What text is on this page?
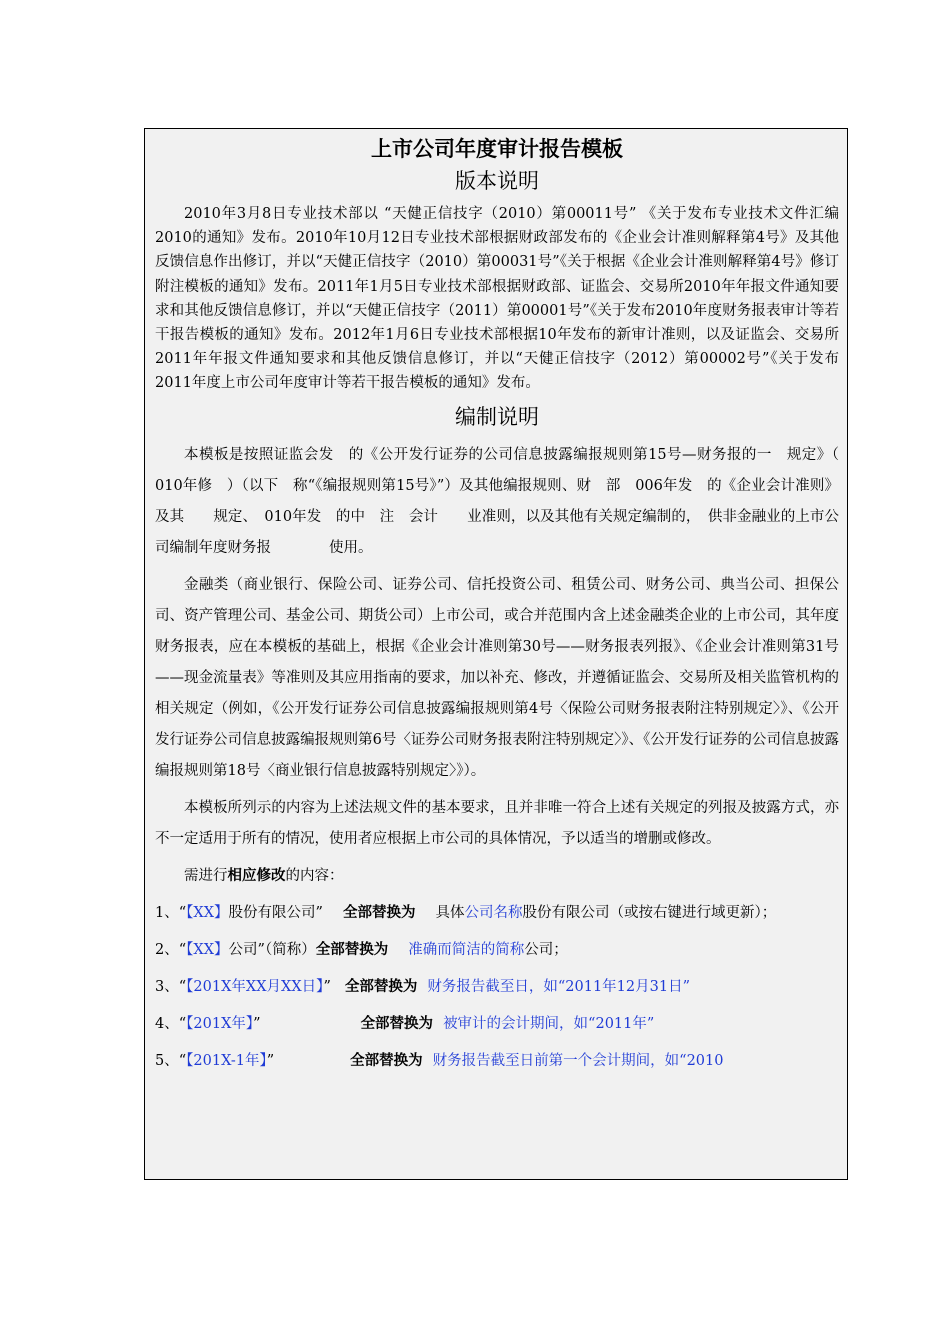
上市公司年度审计报告模板
版本说明

2010年3月8日专业技术部以 “天健正信技字（2010）第00011号” 《关于发布专业技术文件汇编2010的通知》发布。2010年10月12日专业技术部根据财政部发布的《企业会计准则解释第4号》及其他反馈信息作出修订，并以“天健正信技字（2010）第00031号”《关于根据《企业会计准则解释第4号》修订附注模板的通知》发布。2011年1月5日专业技术部根据财政部、证监会、交易所2010年年报文件通知要求和其他反馈信息修订，并以“天健正信技字（2011）第00001号”《关于发布2010年度财务报表审计等若干报告模板的通知》发布。2012年1月6日专业技术部根据10年发布的新审计准则，以及证监会、交易所2011年年报文件通知要求和其他反馈信息修订，并以“天健正信技字（2012）第00002号”《关于发布2011年度上市公司年度审计等若干报告模板的通知》发布。

编制说明

本模板是按照证监会发　的《公开发行证券的公司信息披露编报规则第15号—财务报的一　规定》（　010年修　）（以下　称“《编报规则第15号》”）及其他编报规则、财　部　006年发　的《企业会计准则》及其　　规定、　010年发　的中　注　会计　　业准则，以及其他有关规定编制的，　供非金融业的上市公司编制年度财务报　　　　使用。

金融类（商业银行、保险公司、证券公司、信托投资公司、租赁公司、财务公司、典当公司、担保公司、资产管理公司、基金公司、期货公司）上市公司，或合并范围内含上述金融类企业的上市公司，其年度财务报表，应在本模板的基础上，根据《企业会计准则第30号——财务报表列报》、《企业会计准则第31号——现金流量表》等准则及其应用指南的要求，加以补充、修改，并遵循证监会、交易所及相关监管机构的相关规定（例如，《公开发行证券公司信息披露编报规则第4号〈保险公司财务报表附注特别规定〉》、《公开发行证券公司信息披露编报规则第6号〈证券公司财务报表附注特别规定〉》、《公开发行证券的公司信息披露编报规则第18号〈商业银行信息披露特别规定〉》）。

本模板所列示的内容为上述法规文件的基本要求，且并非唯一符合上述有关规定的列报及披露方式，亦不一定适用于所有的情况，使用者应根据上市公司的具体情况，予以适当的增删或修改。

需进行相应修改的内容：

1、“【XX】股份有限公司” 全部替换为 具体公司名称股份有限公司（或按右键进行域更新）；

2、“【XX】公司”（简称）全部替换为 准确而简洁的简称公司；

3、“【201X年XX月XX日】” 全部替换为 财务报告截至日，如“2011年12月31日”

4、“【201X年】”	全部替换为 被审计的会计期间，如“2011年”

5、“【201X-1年】”	全部替换为 财务报告截至日前第一个会计期间，如“2010
